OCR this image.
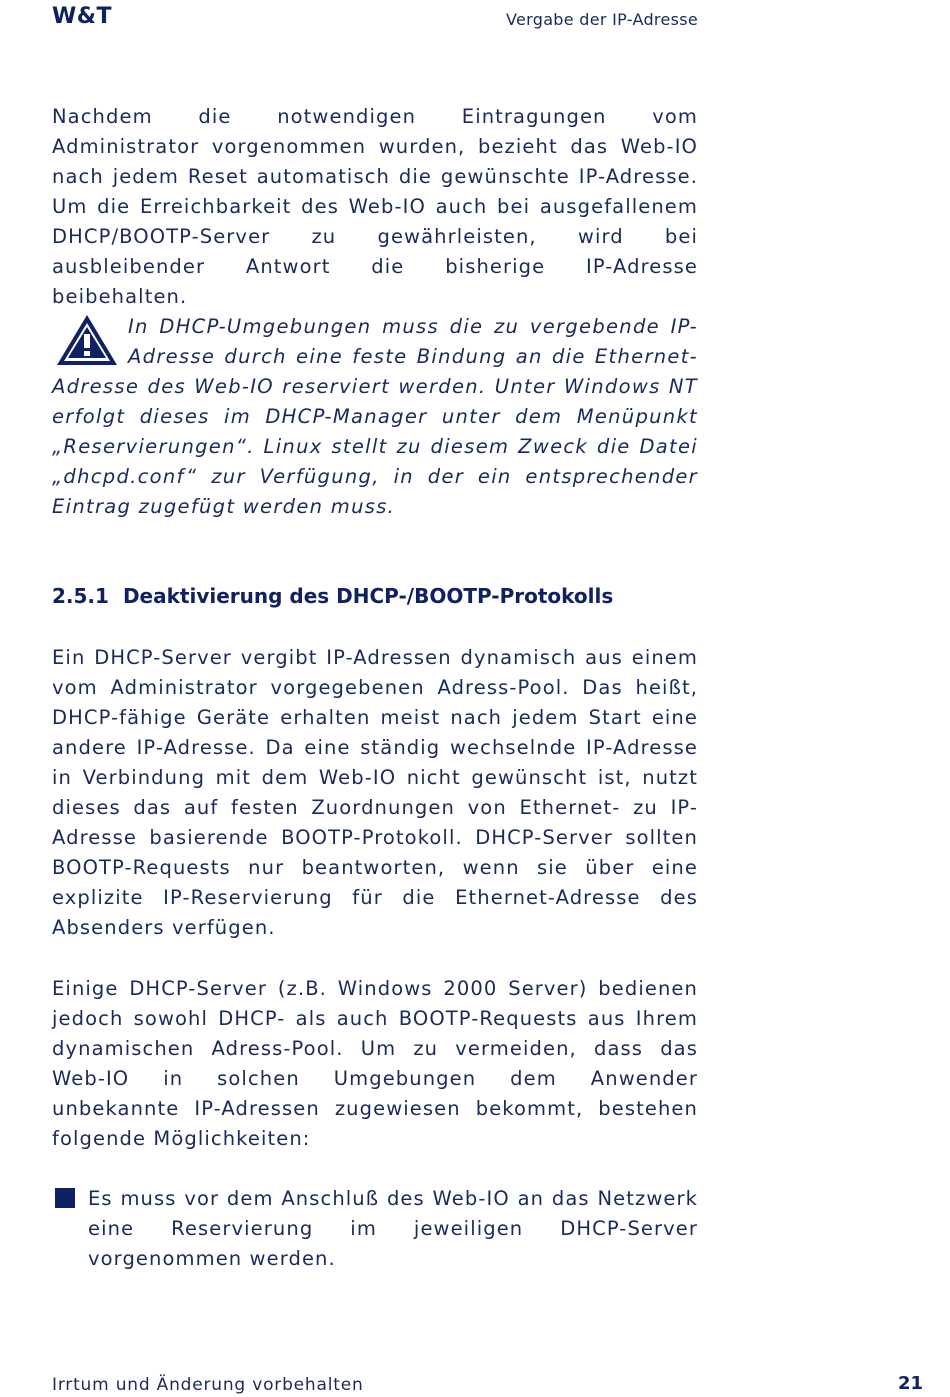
W&T	Vergabe der IP-Adresse

Nachdem die notwendigen Eintragungen vom Administrator vorgenommen wurden, bezieht das Web-IO nach jedem Reset automatisch die gewünschte IP-Adresse. Um die Erreichbarkeit des Web-IO auch bei ausgefallenem DHCP/BOOTP-Server zu gewährleisten, wird bei ausbleibender Antwort die bisherige IP-Adresse beibehalten.

In DHCP-Umgebungen muss die zu vergebende IP-Adresse durch eine feste Bindung an die Ethernet-Adresse des Web-IO reserviert werden. Unter Windows NT erfolgt dieses im DHCP-Manager unter dem Menüpunkt „Reservierungen“. Linux stellt zu diesem Zweck die Datei „dhcpd.conf“ zur Verfügung, in der ein entsprechender Eintrag zugefügt werden muss.

2.5.1 Deaktivierung des DHCP-/BOOTP-Protokolls

Ein DHCP-Server vergibt IP-Adressen dynamisch aus einem vom Administrator vorgegebenen Adress-Pool. Das heißt, DHCP-fähige Geräte erhalten meist nach jedem Start eine andere IP-Adresse. Da eine ständig wechselnde IP-Adresse in Verbindung mit dem Web-IO nicht gewünscht ist, nutzt dieses das auf festen Zuordnungen von Ethernet- zu IP-Adresse basierende BOOTP-Protokoll. DHCP-Server sollten BOOTP-Requests nur beantworten, wenn sie über eine explizite IP-Reservierung für die Ethernet-Adresse des Absenders verfügen.

Einige DHCP-Server (z.B. Windows 2000 Server) bedienen jedoch sowohl DHCP- als auch BOOTP-Requests aus Ihrem dynamischen Adress-Pool. Um zu vermeiden, dass das Web-IO in solchen Umgebungen dem Anwender unbekannte IP-Adressen zugewiesen bekommt, bestehen folgende Möglichkeiten:

Es muss vor dem Anschluß des Web-IO an das Netzwerk eine Reservierung im jeweiligen DHCP-Server vorgenommen werden.

Irrtum und Änderung vorbehalten	21
